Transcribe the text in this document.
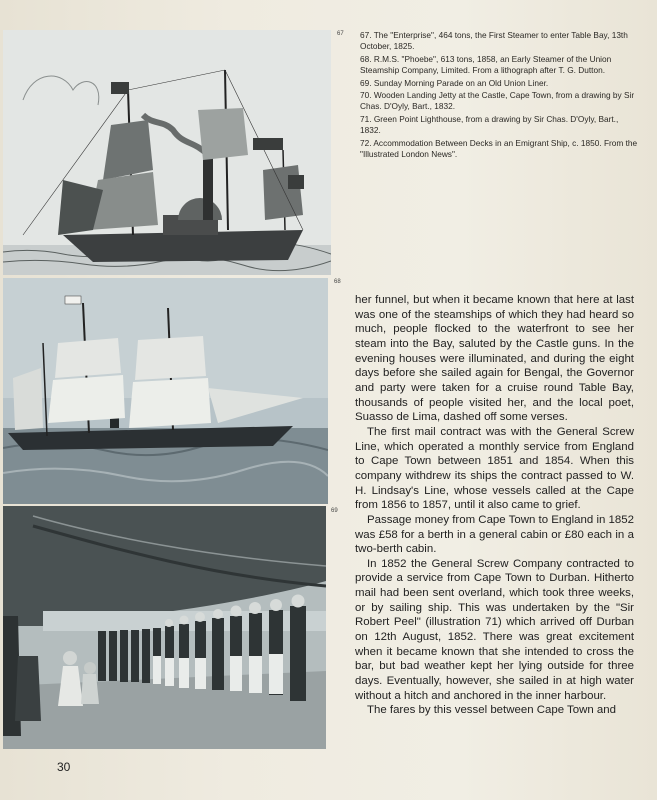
67
68
69

67. The "Enterprise", 464 tons, the First Steamer to enter Table Bay, 13th October, 1825.

68. R.M.S. "Phoebe", 613 tons, 1858, an Early Steamer of the Union Steamship Company, Limited. From a lithograph after T. G. Dutton.

69. Sunday Morning Parade on an Old Union Liner.

70. Wooden Landing Jetty at the Castle, Cape Town, from a drawing by Sir Chas. D'Oyly, Bart., 1832.

71. Green Point Lighthouse, from a drawing by Sir Chas. D'Oyly, Bart., 1832.

72. Accommodation Between Decks in an Emigrant Ship, c. 1850. From the "Illustrated London News".

her funnel, but when it became known that here at last was one of the steamships of which they had heard so much, people flocked to the waterfront to see her steam into the Bay, saluted by the Castle guns. In the evening houses were illuminated, and during the eight days before she sailed again for Bengal, the Governor and party were taken for a cruise round Table Bay, thousands of people visited her, and the local poet, Suasso de Lima, dashed off some verses.

The first mail contract was with the General Screw Line, which operated a monthly service from England to Cape Town between 1851 and 1854. When this company withdrew its ships the contract passed to W. H. Lindsay's Line, whose vessels called at the Cape from 1856 to 1857, until it also came to grief.

Passage money from Cape Town to England in 1852 was £58 for a berth in a general cabin or £80 each in a two-berth cabin.

In 1852 the General Screw Company contracted to provide a service from Cape Town to Durban. Hitherto mail had been sent overland, which took three weeks, or by sailing ship. This was undertaken by the "Sir Robert Peel" (illustration 71) which arrived off Durban on 12th August, 1852. There was great excitement when it became known that she intended to cross the bar, but bad weather kept her lying outside for three days. Eventually, however, she sailed in at high water without a hitch and anchored in the inner harbour.

The fares by this vessel between Cape Town and

30
